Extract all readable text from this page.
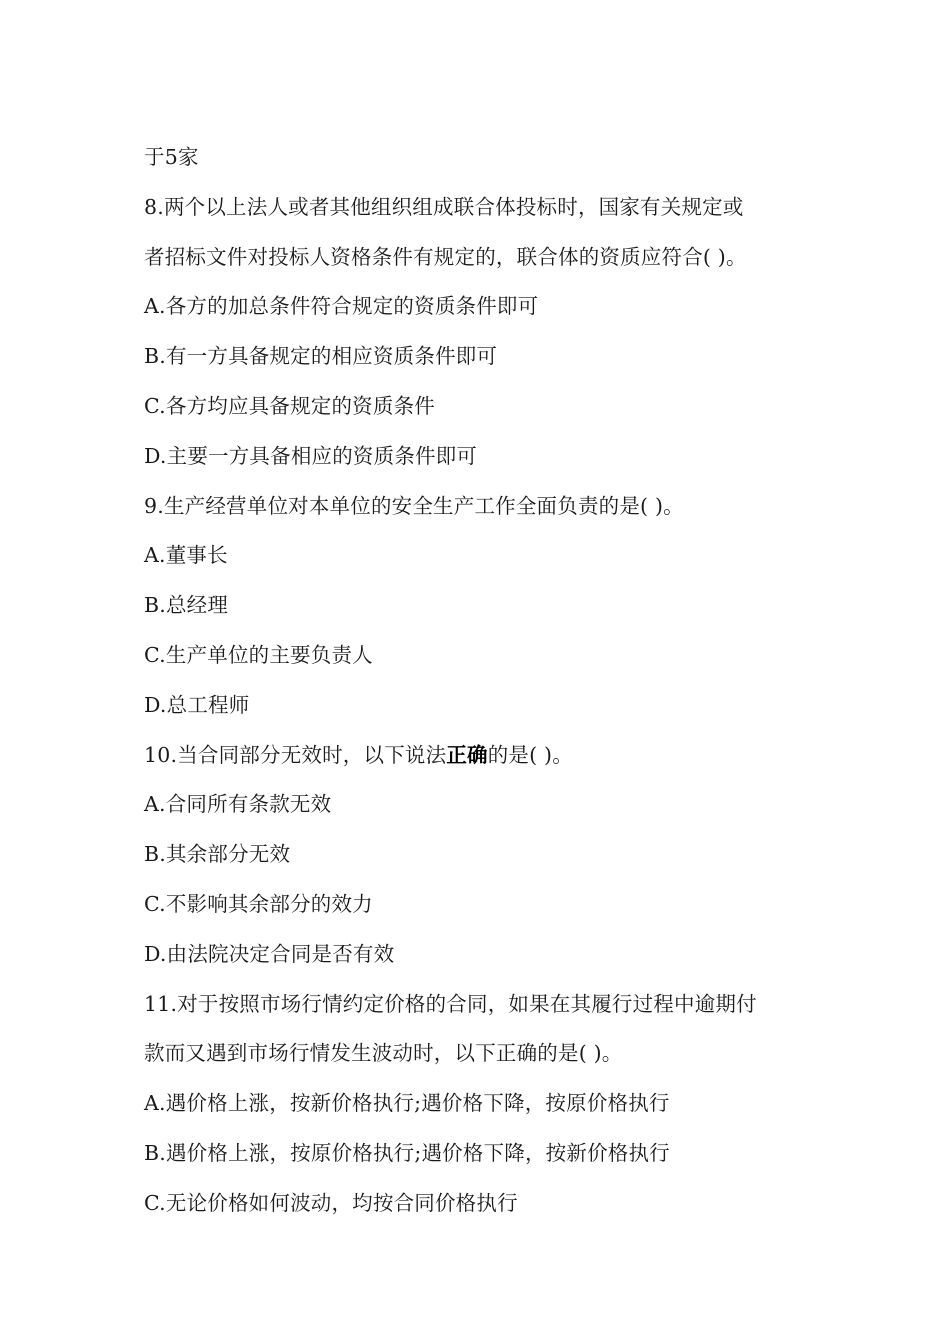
于5家
8.两个以上法人或者其他组织组成联合体投标时，国家有关规定或
者招标文件对投标人资格条件有规定的，联合体的资质应符合( )。
A.各方的加总条件符合规定的资质条件即可
B.有一方具备规定的相应资质条件即可
C.各方均应具备规定的资质条件
D.主要一方具备相应的资质条件即可
9.生产经营单位对本单位的安全生产工作全面负责的是( )。
A.董事长
B.总经理
C.生产单位的主要负责人
D.总工程师
10.当合同部分无效时，以下说法正确的是( )。
A.合同所有条款无效
B.其余部分无效
C.不影响其余部分的效力
D.由法院决定合同是否有效
11.对于按照市场行情约定价格的合同，如果在其履行过程中逾期付
款而又遇到市场行情发生波动时，以下正确的是( )。
A.遇价格上涨，按新价格执行;遇价格下降，按原价格执行
B.遇价格上涨，按原价格执行;遇价格下降，按新价格执行
C.无论价格如何波动，均按合同价格执行
